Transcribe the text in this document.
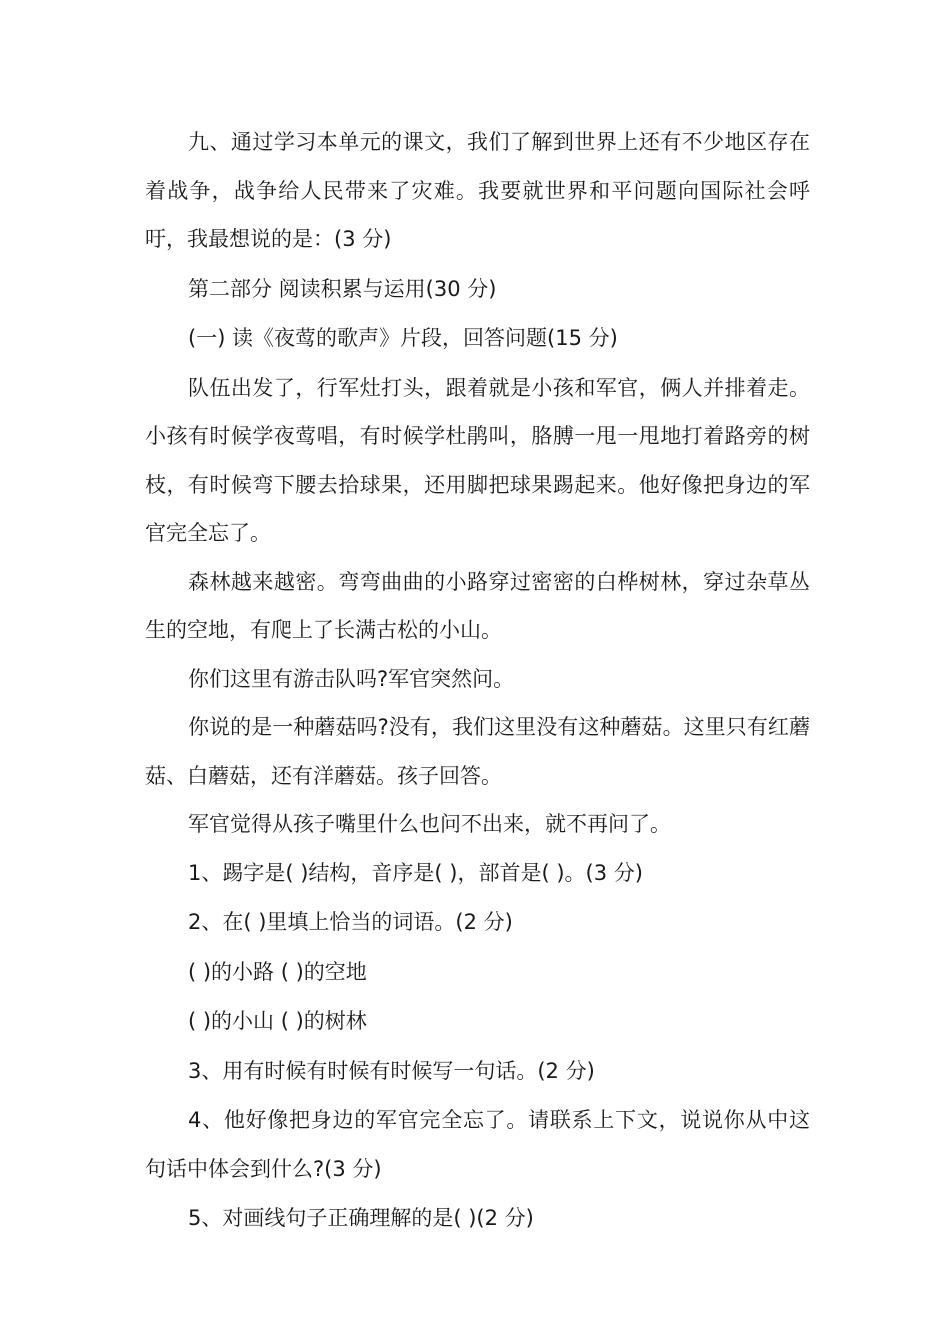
九、通过学习本单元的课文，我们了解到世界上还有不少地区存在着战争，战争给人民带来了灾难。我要就世界和平问题向国际社会呼吁，我最想说的是：(3 分)

第二部分 阅读积累与运用(30 分)

(一) 读《夜莺的歌声》片段，回答问题(15 分)

队伍出发了，行军灶打头，跟着就是小孩和军官，俩人并排着走。小孩有时候学夜莺唱，有时候学杜鹃叫，胳膊一甩一甩地打着路旁的树枝，有时候弯下腰去拾球果，还用脚把球果踢起来。他好像把身边的军官完全忘了。

森林越来越密。弯弯曲曲的小路穿过密密的白桦树林，穿过杂草丛生的空地，有爬上了长满古松的小山。

你们这里有游击队吗?军官突然问。

你说的是一种蘑菇吗?没有，我们这里没有这种蘑菇。这里只有红蘑菇、白蘑菇，还有洋蘑菇。孩子回答。

军官觉得从孩子嘴里什么也问不出来，就不再问了。

1、踢字是( )结构，音序是( )，部首是( )。(3 分)

2、在( )里填上恰当的词语。(2 分)

( )的小路 ( )的空地

( )的小山 ( )的树林

3、用有时候有时候有时候写一句话。(2 分)

4、他好像把身边的军官完全忘了。请联系上下文，说说你从中这句话中体会到什么?(3 分)

5、对画线句子正确理解的是( )(2 分)
